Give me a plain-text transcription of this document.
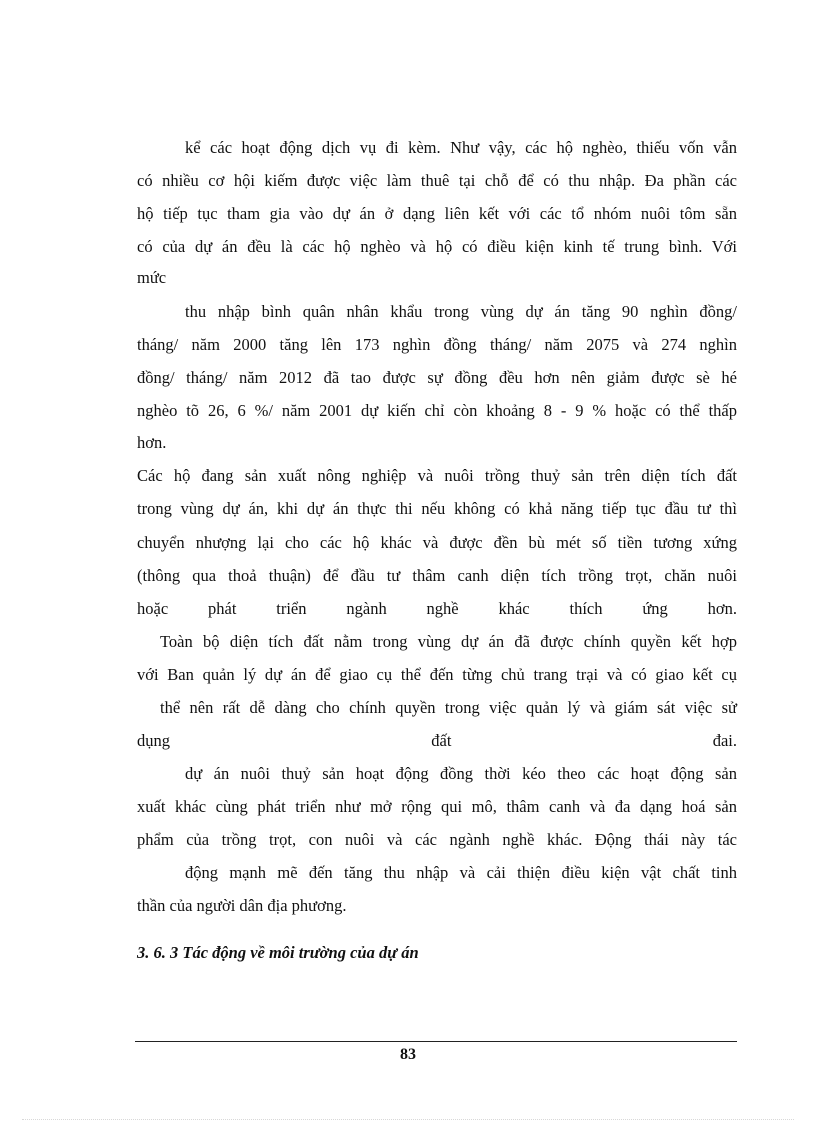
kể các hoạt động dịch vụ đi kèm. Như vậy, các hộ nghèo, thiếu vốn vẫn
có nhiều cơ hội kiếm được việc làm thuê tại chỗ để có thu nhập. Đa phần các
hộ tiếp tục tham gia vào dự án ở dạng liên kết với các tổ nhóm nuôi tôm sẵn
có của dự án đều là các hộ nghèo và hộ có điều kiện kinh tế trung bình. Với
mức
thu nhập bình quân nhân khẩu trong vùng dự án tăng 90 nghìn đồng/
tháng/ năm 2000 tăng lên 173 nghìn đồng tháng/ năm 2075 và 274 nghìn
đồng/ tháng/ năm 2012 đã tao được sự đồng đều hơn nên giảm được sè hé
nghèo tõ 26, 6 %/ năm 2001 dự kiến chỉ còn khoảng 8 - 9 % hoặc có thể thấp
hơn.
Các hộ đang sản xuất nông nghiệp và nuôi trồng thuỷ sản trên diện tích đất
trong vùng dự án, khi dự án thực thi nếu không có khả năng tiếp tục đầu tư thì
chuyển nhượng lại cho các hộ khác và được đền bù mét số tiền tương xứng
(thông qua thoả thuận) để đầu tư thâm canh diện tích trồng trọt, chăn nuôi
hoặc phát triển ngành nghề khác thích ứng hơn.
Toàn bộ diện tích đất nằm trong vùng dự án đã được chính quyền kết hợp
với Ban quản lý dự án để giao cụ thể đến từng chủ trang trại và có giao kết cụ
thể nên rất dễ dàng cho chính quyền trong việc quản lý và giám sát việc sử
dụng đất đai.
dự án nuôi thuỷ sản hoạt động đồng thời kéo theo các hoạt động sản
xuất khác cùng phát triển như mở rộng qui mô, thâm canh và đa dạng hoá sản
phẩm của trồng trọt, con nuôi và các ngành nghề khác. Động thái này tác
động mạnh mẽ đến tăng thu nhập và cải thiện điều kiện vật chất tinh
thần của người dân địa phương.
3. 6. 3 Tác động về môi trường của dự án
83
